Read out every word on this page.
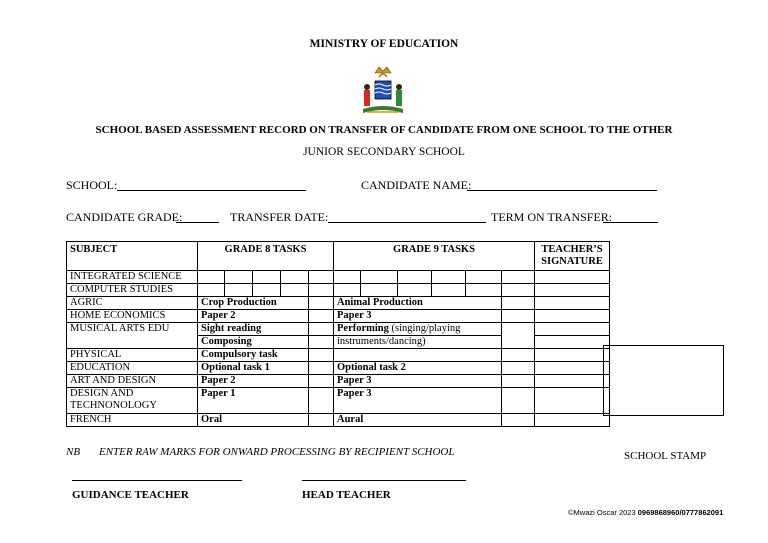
MINISTRY OF EDUCATION
SCHOOL BASED ASSESSMENT RECORD ON TRANSFER OF CANDIDATE FROM ONE SCHOOL TO THE OTHER
JUNIOR SECONDARY SCHOOL
SCHOOL:	CANDIDATE NAME:
CANDIDATE GRADE:	TRANSFER DATE:	TERM ON TRANSFER:
SUBJECT	GRADE 8 TASKS					GRADE 9 TASKS						TEACHER’S
SIGNATURE

INTEGRATED SCIENCE												
COMPUTER STUDIES												
AGRIC	Crop Production					Animal Production						
HOME ECONOMICS	Paper 2					Paper 3						
MUSICAL ARTS EDU	Sight reading					Performing (singing/playing						
	Composing					instruments/dancing)						
PHYSICAL	Compulsory task											
EDUCATION	Optional task 1					Optional task 2						
ART AND DESIGN	Paper 2					Paper 3						

DESIGN AND
TECHNONOLOGY	Paper 1					Paper 3						
FRENCH	Oral					Aural						
NB ENTER RAW MARKS FOR ONWARD PROCESSING BY RECIPIENT SCHOOL	SCHOOL STAMP
GUIDANCE TEACHER	HEAD TEACHER
©Mwazi Oscar 2023 0969868960/0777862091
